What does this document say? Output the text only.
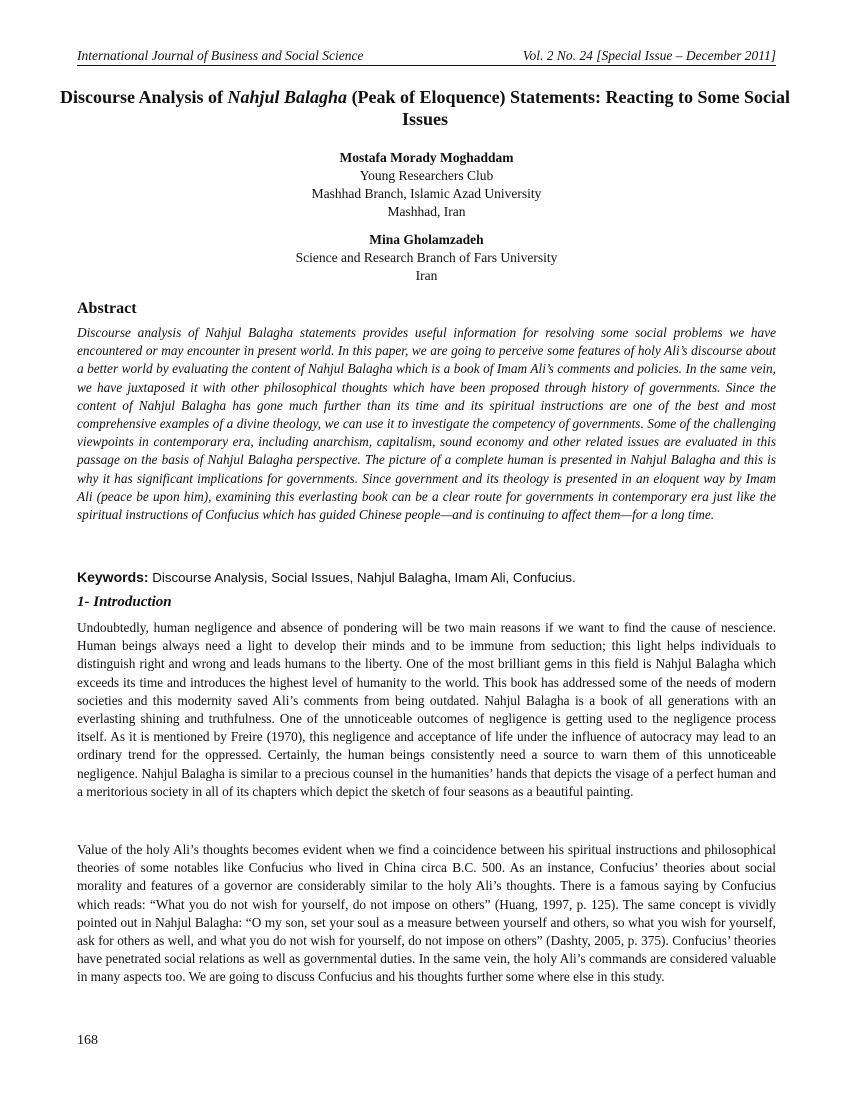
International Journal of Business and Social Science	Vol. 2 No. 24 [Special Issue – December 2011]
Discourse Analysis of Nahjul Balagha (Peak of Eloquence) Statements: Reacting to Some Social Issues
Mostafa Morady Moghaddam
Young Researchers Club
Mashhad Branch, Islamic Azad University
Mashhad, Iran
Mina Gholamzadeh
Science and Research Branch of Fars University
Iran
Abstract
Discourse analysis of Nahjul Balagha statements provides useful information for resolving some social problems we have encountered or may encounter in present world. In this paper, we are going to perceive some features of holy Ali’s discourse about a better world by evaluating the content of Nahjul Balagha which is a book of Imam Ali’s comments and policies. In the same vein, we have juxtaposed it with other philosophical thoughts which have been proposed through history of governments. Since the content of Nahjul Balagha has gone much further than its time and its spiritual instructions are one of the best and most comprehensive examples of a divine theology, we can use it to investigate the competency of governments. Some of the challenging viewpoints in contemporary era, including anarchism, capitalism, sound economy and other related issues are evaluated in this passage on the basis of Nahjul Balagha perspective. The picture of a complete human is presented in Nahjul Balagha and this is why it has significant implications for governments. Since government and its theology is presented in an eloquent way by Imam Ali (peace be upon him), examining this everlasting book can be a clear route for governments in contemporary era just like the spiritual instructions of Confucius which has guided Chinese people—and is continuing to affect them—for a long time.
Keywords: Discourse Analysis, Social Issues, Nahjul Balagha, Imam Ali, Confucius.
1- Introduction
Undoubtedly, human negligence and absence of pondering will be two main reasons if we want to find the cause of nescience. Human beings always need a light to develop their minds and to be immune from seduction; this light helps individuals to distinguish right and wrong and leads humans to the liberty. One of the most brilliant gems in this field is Nahjul Balagha which exceeds its time and introduces the highest level of humanity to the world. This book has addressed some of the needs of modern societies and this modernity saved Ali’s comments from being outdated. Nahjul Balagha is a book of all generations with an everlasting shining and truthfulness. One of the unnoticeable outcomes of negligence is getting used to the negligence process itself. As it is mentioned by Freire (1970), this negligence and acceptance of life under the influence of autocracy may lead to an ordinary trend for the oppressed. Certainly, the human beings consistently need a source to warn them of this unnoticeable negligence. Nahjul Balagha is similar to a precious counsel in the humanities’ hands that depicts the visage of a perfect human and a meritorious society in all of its chapters which depict the sketch of four seasons as a beautiful painting.
Value of the holy Ali’s thoughts becomes evident when we find a coincidence between his spiritual instructions and philosophical theories of some notables like Confucius who lived in China circa B.C. 500. As an instance, Confucius’ theories about social morality and features of a governor are considerably similar to the holy Ali’s thoughts. There is a famous saying by Confucius which reads: “What you do not wish for yourself, do not impose on others” (Huang, 1997, p. 125). The same concept is vividly pointed out in Nahjul Balagha: “O my son, set your soul as a measure between yourself and others, so what you wish for yourself, ask for others as well, and what you do not wish for yourself, do not impose on others” (Dashty, 2005, p. 375). Confucius’ theories have penetrated social relations as well as governmental duties. In the same vein, the holy Ali’s commands are considered valuable in many aspects too. We are going to discuss Confucius and his thoughts further some where else in this study.
168
